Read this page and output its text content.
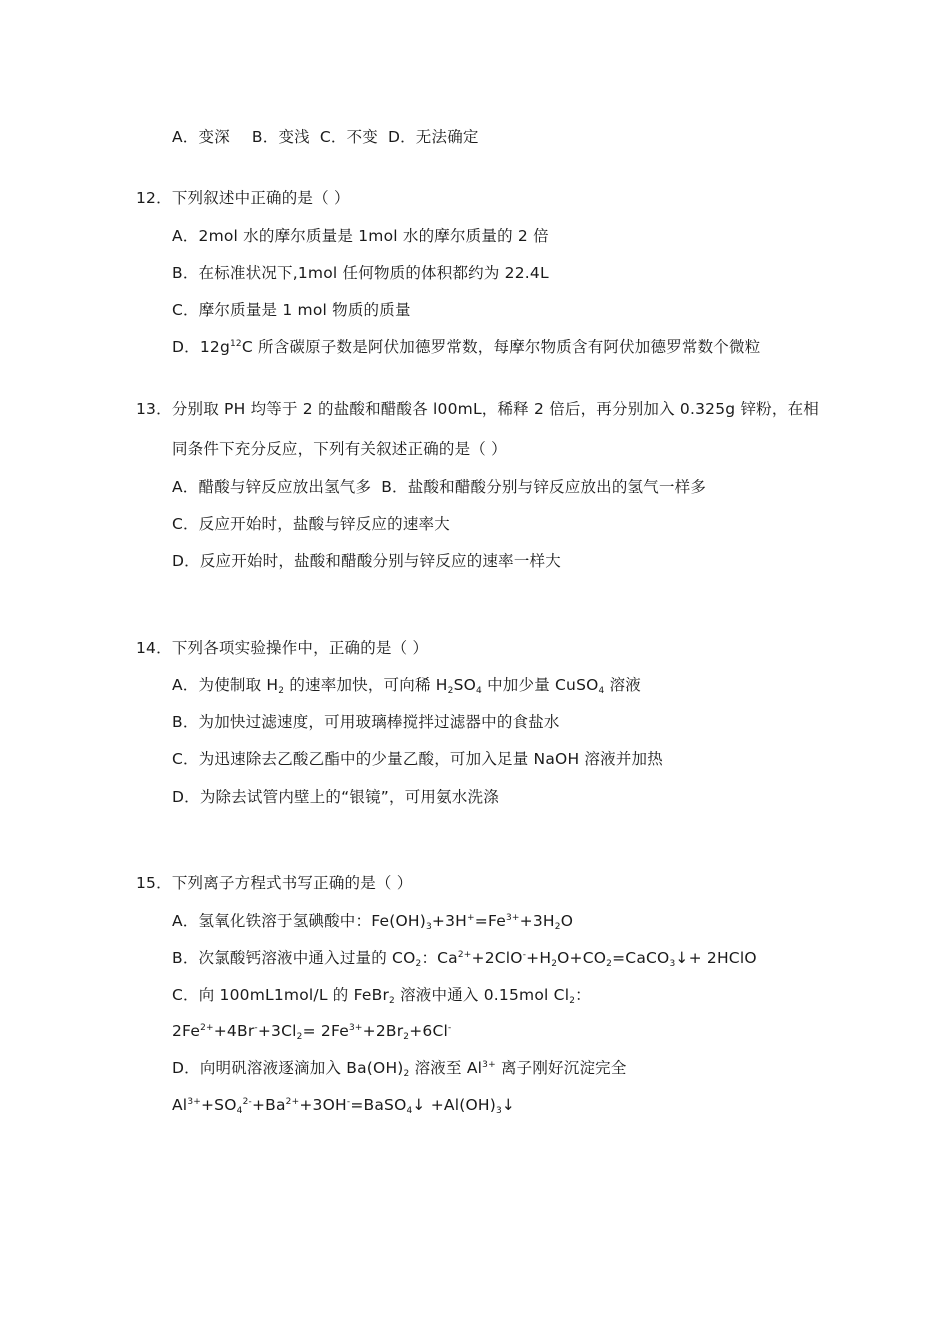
A．变深 B．变浅 C．不变 D．无法确定
12．下列叙述中正确的是（ ）
A．2mol 水的摩尔质量是 1mol 水的摩尔质量的 2 倍
B．在标准状况下,1mol 任何物质的体积都约为 22.4L
C．摩尔质量是 1 mol 物质的质量
D．$12g^{12}C$ 所含碳原子数是阿伏加德罗常数，每摩尔物质含有阿伏加德罗常数个微粒
13．分别取 PH 均等于 2 的盐酸和醋酸各 l00mL，稀释 2 倍后，再分别加入 0.325g 锌粉，在相
同条件下充分反应，下列有关叙述正确的是（ ）
A．醋酸与锌反应放出氢气多 B．盐酸和醋酸分别与锌反应放出的氢气一样多
C．反应开始时，盐酸与锌反应的速率大
D．反应开始时，盐酸和醋酸分别与锌反应的速率一样大
14．下列各项实验操作中，正确的是（ ）
A．为使制取 $H_2$ 的速率加快，可向稀 $H_2SO_4$ 中加少量 CuSO$_4$ 溶液
B．为加快过滤速度，可用玻璃棒搅拌过滤器中的食盐水
C．为迅速除去乙酸乙酯中的少量乙酸，可加入足量 NaOH 溶液并加热
D．为除去试管内壁上的“银镜”，可用氨水洗涤
15．下列离子方程式书写正确的是（ ）
A．氢氧化铁溶于氢碘酸中：$Fe(OH)_3+3H^+=Fe^{3+}+3H_2O$
B．次氯酸钙溶液中通入过量的 $CO_2$：$Ca^{2+}+2ClO^-+H_2O+CO_2=CaCO_3↓+$ 2HClO
C．向 100mL1mol/L 的 FeBr$_2$ 溶液中通入 0.15mol $Cl_2$：
$2Fe^{2+}+4Br^-+3Cl_2= 2Fe^{3+}+2Br_2+6Cl^-$
D．向明矾溶液逐滴加入 $Ba(OH)_2$ 溶液至 $Al^{3+}$ 离子刚好沉淀完全
$Al^{3+}+SO_4^{2-}+Ba^{2+}+3OH^-=BaSO_4↓$ $+Al(OH)_3↓$
